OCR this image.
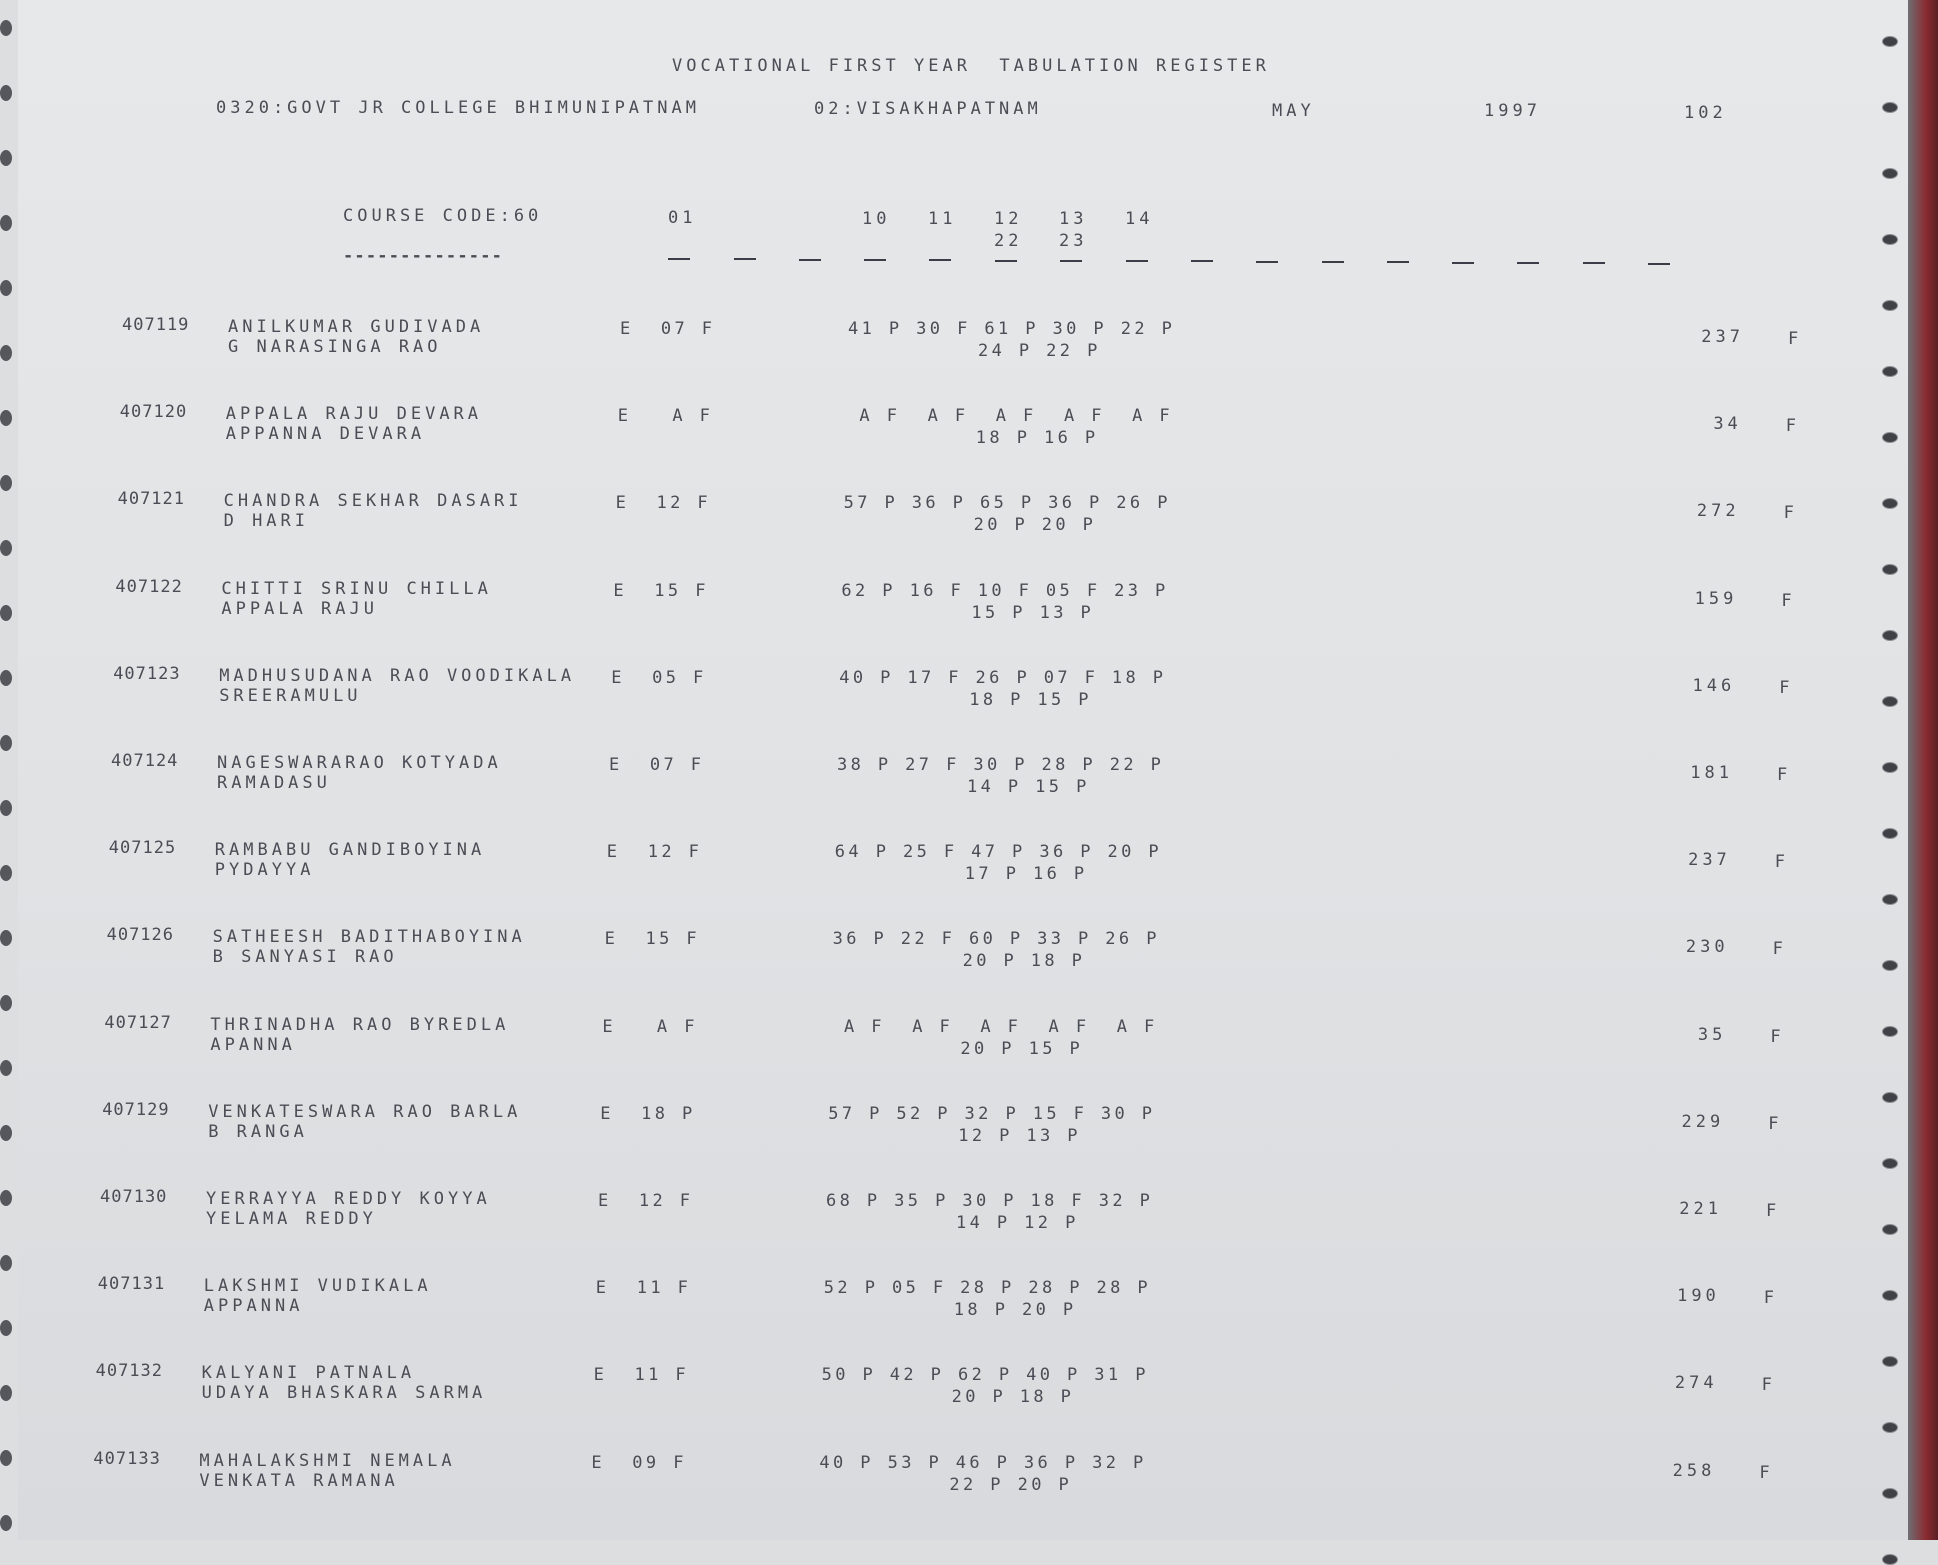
VOCATIONAL FIRST YEAR  TABULATION REGISTER
0320:GOVT JR COLLEGE BHIMUNIPATNAM	02:VISAKHAPATNAM	MAY	1997	102
COURSE CODE:60
--------------
01	10 11 12 13 14
22 23
407119 ANILKUMAR GUDIVADA
G NARASINGA RAO
E  07 F	41 P 30 F 61 P 30 P 22 P
24 P 22 P
237	F
407120 APPALA RAJU DEVARA
APPANNA DEVARA
E   A F	A F  A F  A F  A F  A F
18 P 16 P
34	F
407121 CHANDRA SEKHAR DASARI
D HARI
E  12 F	57 P 36 P 65 P 36 P 26 P
20 P 20 P
272	F
407122 CHITTI SRINU CHILLA
APPALA RAJU
E  15 F	62 P 16 F 10 F 05 F 23 P
15 P 13 P
159	F
407123 MADHUSUDANA RAO VOODIKALA
SREERAMULU
E  05 F	40 P 17 F 26 P 07 F 18 P
18 P 15 P
146	F
407124 NAGESWARARAO KOTYADA
RAMADASU
E  07 F	38 P 27 F 30 P 28 P 22 P
14 P 15 P
181	F
407125 RAMBABU GANDIBOYINA
PYDAYYA
E  12 F	64 P 25 F 47 P 36 P 20 P
17 P 16 P
237	F
407126 SATHEESH BADITHABOYINA
B SANYASI RAO
E  15 F	36 P 22 F 60 P 33 P 26 P
20 P 18 P
230	F
407127 THRINADHA RAO BYREDLA
APANNA
E   A F	A F  A F  A F  A F  A F
20 P 15 P
35	F
407129 VENKATESWARA RAO BARLA
B RANGA
E  18 P	57 P 52 P 32 P 15 F 30 P
12 P 13 P
229	F
407130 YERRAYYA REDDY KOYYA
YELAMA REDDY
E  12 F	68 P 35 P 30 P 18 F 32 P
14 P 12 P
221	F
407131 LAKSHMI VUDIKALA
APPANNA
E  11 F	52 P 05 F 28 P 28 P 28 P
18 P 20 P
190	F
407132 KALYANI PATNALA
UDAYA BHASKARA SARMA
E  11 F	50 P 42 P 62 P 40 P 31 P
20 P 18 P
274	F
407133 MAHALAKSHMI NEMALA
VENKATA RAMANA
E  09 F	40 P 53 P 46 P 36 P 32 P
22 P 20 P
258	F
